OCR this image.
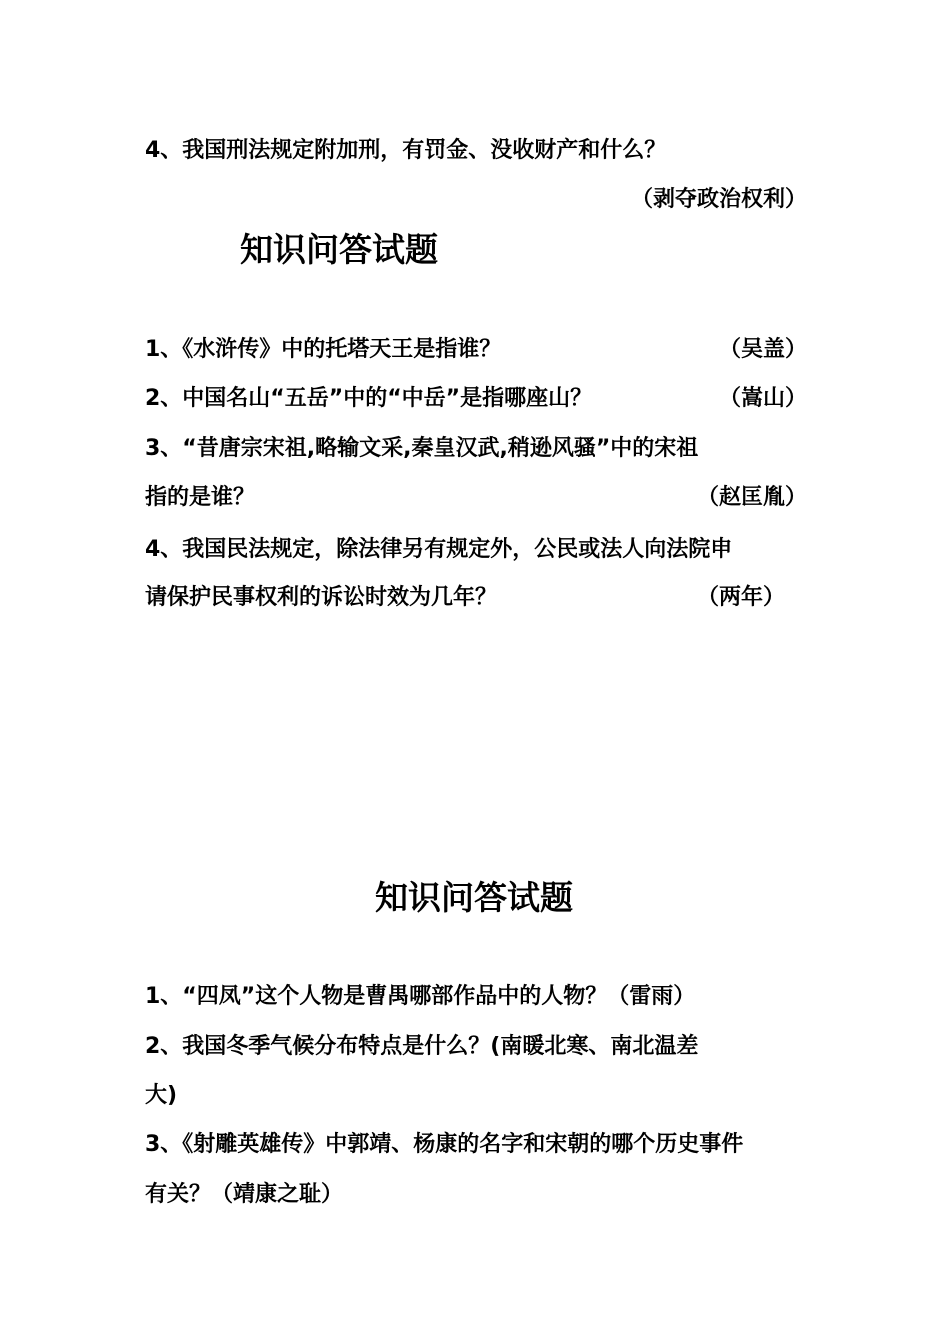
4、我国刑法规定附加刑，有罚金、没收财产和什么？
（剥夺政治权利）
知识问答试题
1、《水浒传》中的托塔天王是指谁？	（吴盖）
2、中国名山“五岳”中的“中岳”是指哪座山？	（嵩山）
3、“昔唐宗宋祖,略输文采,秦皇汉武,稍逊风骚”中的宋祖
指的是谁？	（赵匡胤）
4、我国民法规定，除法律另有规定外，公民或法人向法院申
请保护民事权利的诉讼时效为几年？	（两年）
知识问答试题
1、“四凤”这个人物是曹禺哪部作品中的人物？（雷雨）
2、我国冬季气候分布特点是什么？(南暖北寒、南北温差
大)
3、《射雕英雄传》中郭靖、杨康的名字和宋朝的哪个历史事件
有关？（靖康之耻）
